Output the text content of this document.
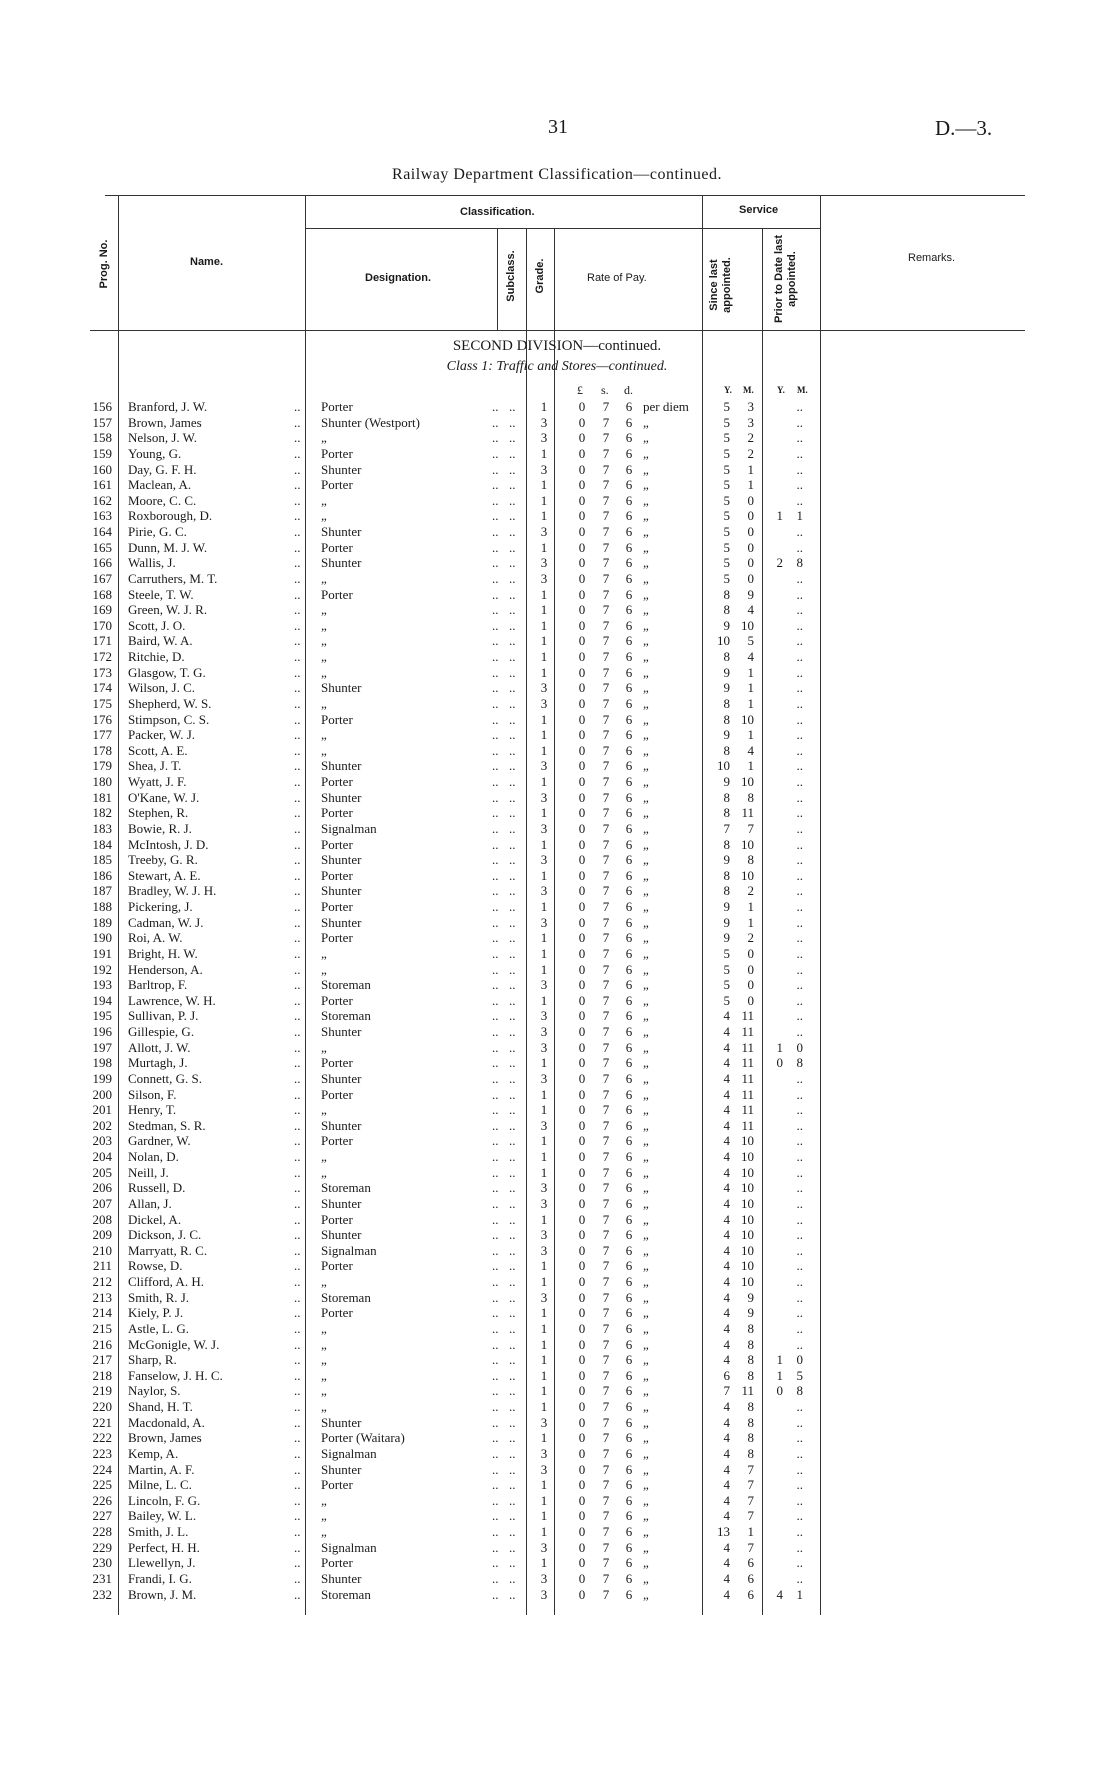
31	D.—3.
Railway Department Classification—continued.
Prog. No.	Name.
Classification.
Designation.	Subclass. Grade.	Rate of Pay.
Service
Since last appointed.	Prior to Date last appointed.	Remarks.
SECOND DIVISION—continued.
Class 1: Traffic and Stores—continued.
£ s. d.	Y. M.	Y. M.
156 Branford, J. W.	.. Porter	.. .. 1 0 7 6 per diem	5	3	..
157 Brown, James	.. Shunter (Westport)	.. .. 3 0 7 6 „	5	3	..
158 Nelson, J. W.	.. „	.. .. 3 0 7 6 „	5	2	..
159 Young, G.	.. Porter	.. .. 1 0 7 6 „	5	2	..
160 Day, G. F. H.	.. Shunter	.. .. 3 0 7 6 „	5	1	..
161 Maclean, A.	.. Porter	.. .. 1 0 7 6 „	5	1	..
162 Moore, C. C.	.. „	.. .. 1 0 7 6 „	5	0	..
163 Roxborough, D.	.. „	.. .. 1 0 7 6 „	5	0	1	1
164 Pirie, G. C.	.. Shunter	.. .. 3 0 7 6 „	5	0	..
165 Dunn, M. J. W.	.. Porter	.. .. 1 0 7 6 „	5	0	..
166 Wallis, J.	.. Shunter	.. .. 3 0 7 6 „	5	0	2	8
167 Carruthers, M. T.	.. „	.. .. 3 0 7 6 „	5	0	..
168 Steele, T. W.	.. Porter	.. .. 1 0 7 6 „	8	9	..
169 Green, W. J. R.	.. „	.. .. 1 0 7 6 „	8	4	..
170 Scott, J. O.	.. „	.. .. 1 0 7 6 „	9 10	..
171 Baird, W. A.	.. „	.. .. 1 0 7 6 „	10	5	..
172 Ritchie, D.	.. „	.. .. 1 0 7 6 „	8	4	..
173 Glasgow, T. G.	.. „	.. .. 1 0 7 6 „	9	1	..
174 Wilson, J. C.	.. Shunter	.. .. 3 0 7 6 „	9	1	..
175 Shepherd, W. S.	.. „	.. .. 3 0 7 6 „	8	1	..
176 Stimpson, C. S.	.. Porter	.. .. 1 0 7 6 „	8 10	..
177 Packer, W. J.	.. „	.. .. 1 0 7 6 „	9	1	..
178 Scott, A. E.	.. „	.. .. 1 0 7 6 „	8	4	..
179 Shea, J. T.	.. Shunter	.. .. 3 0 7 6 „	10	1	..
180 Wyatt, J. F.	.. Porter	.. .. 1 0 7 6 „	9 10	..
181 O'Kane, W. J.	.. Shunter	.. .. 3 0 7 6 „	8	8	..
182 Stephen, R.	.. Porter	.. .. 1 0 7 6 „	8 11	..
183 Bowie, R. J.	.. Signalman	.. .. 3 0 7 6 „	7	7	..
184 McIntosh, J. D.	.. Porter	.. .. 1 0 7 6 „	8 10	..
185 Treeby, G. R.	.. Shunter	.. .. 3 0 7 6 „	9	8	..
186 Stewart, A. E.	.. Porter	.. .. 1 0 7 6 „	8 10	..
187 Bradley, W. J. H.	.. Shunter	.. .. 3 0 7 6 „	8	2	..
188 Pickering, J.	.. Porter	.. .. 1 0 7 6 „	9	1	..
189 Cadman, W. J.	.. Shunter	.. .. 3 0 7 6 „	9	1	..
190 Roi, A. W.	.. Porter	.. .. 1 0 7 6 „	9	2	..
191 Bright, H. W.	.. „	.. .. 1 0 7 6 „	5	0	..
192 Henderson, A.	.. „	.. .. 1 0 7 6 „	5	0	..
193 Barltrop, F.	.. Storeman	.. .. 3 0 7 6 „	5	0	..
194 Lawrence, W. H.	.. Porter	.. .. 1 0 7 6 „	5	0	..
195 Sullivan, P. J.	.. Storeman	.. .. 3 0 7 6 „	4 11	..
196 Gillespie, G.	.. Shunter	.. .. 3 0 7 6 „	4 11	..
197 Allott, J. W.	.. „	.. .. 3 0 7 6 „	4 11	1	0
198 Murtagh, J.	.. Porter	.. .. 1 0 7 6 „	4 11	0	8
199 Connett, G. S.	.. Shunter	.. .. 3 0 7 6 „	4 11	..
200 Silson, F.	.. Porter	.. .. 1 0 7 6 „	4 11	..
201 Henry, T.	.. „	.. .. 1 0 7 6 „	4 11	..
202 Stedman, S. R.	.. Shunter	.. .. 3 0 7 6 „	4 11	..
203 Gardner, W.	.. Porter	.. .. 1 0 7 6 „	4 10	..
204 Nolan, D.	.. „	.. .. 1 0 7 6 „	4 10	..
205 Neill, J.	.. „	.. .. 1 0 7 6 „	4 10	..
206 Russell, D.	.. Storeman	.. .. 3 0 7 6 „	4 10	..
207 Allan, J.	.. Shunter	.. .. 3 0 7 6 „	4 10	..
208 Dickel, A.	.. Porter	.. .. 1 0 7 6 „	4 10	..
209 Dickson, J. C.	.. Shunter	.. .. 3 0 7 6 „	4 10	..
210 Marryatt, R. C.	.. Signalman	.. .. 3 0 7 6 „	4 10	..
211 Rowse, D.	.. Porter	.. .. 1 0 7 6 „	4 10	..
212 Clifford, A. H.	.. „	.. .. 1 0 7 6 „	4 10	..
213 Smith, R. J.	.. Storeman	.. .. 3 0 7 6 „	4	9	..
214 Kiely, P. J.	.. Porter	.. .. 1 0 7 6 „	4	9	..
215 Astle, L. G.	.. „	.. .. 1 0 7 6 „	4	8	..
216 McGonigle, W. J.	.. „	.. .. 1 0 7 6 „	4	8	..
217 Sharp, R.	.. „	.. .. 1 0 7 6 „	4	8	1	0
218 Fanselow, J. H. C.	.. „	.. .. 1 0 7 6 „	6	8	1	5
219 Naylor, S.	.. „	.. .. 1 0 7 6 „	7 11	0	8
220 Shand, H. T.	.. „	.. .. 1 0 7 6 „	4	8	..
221 Macdonald, A.	.. Shunter	.. .. 3 0 7 6 „	4	8	..
222 Brown, James	.. Porter (Waitara)	.. .. 1 0 7 6 „	4	8	..
223 Kemp, A.	.. Signalman	.. .. 3 0 7 6 „	4	8	..
224 Martin, A. F.	.. Shunter	.. .. 3 0 7 6 „	4	7	..
225 Milne, L. C.	.. Porter	.. .. 1 0 7 6 „	4	7	..
226 Lincoln, F. G.	.. „	.. .. 1 0 7 6 „	4	7	..
227 Bailey, W. L.	.. „	.. .. 1 0 7 6 „	4	7	..
228 Smith, J. L.	.. „	.. .. 1 0 7 6 „	13	1	..
229 Perfect, H. H.	.. Signalman	.. .. 3 0 7 6 „	4	7	..
230 Llewellyn, J.	.. Porter	.. .. 1 0 7 6 „	4	6	..
231 Frandi, I. G.	.. Shunter	.. .. 3 0 7 6 „	4	6	..
232 Brown, J. M.	.. Storeman	.. .. 3 0 7 6 „	4	6	4	1
